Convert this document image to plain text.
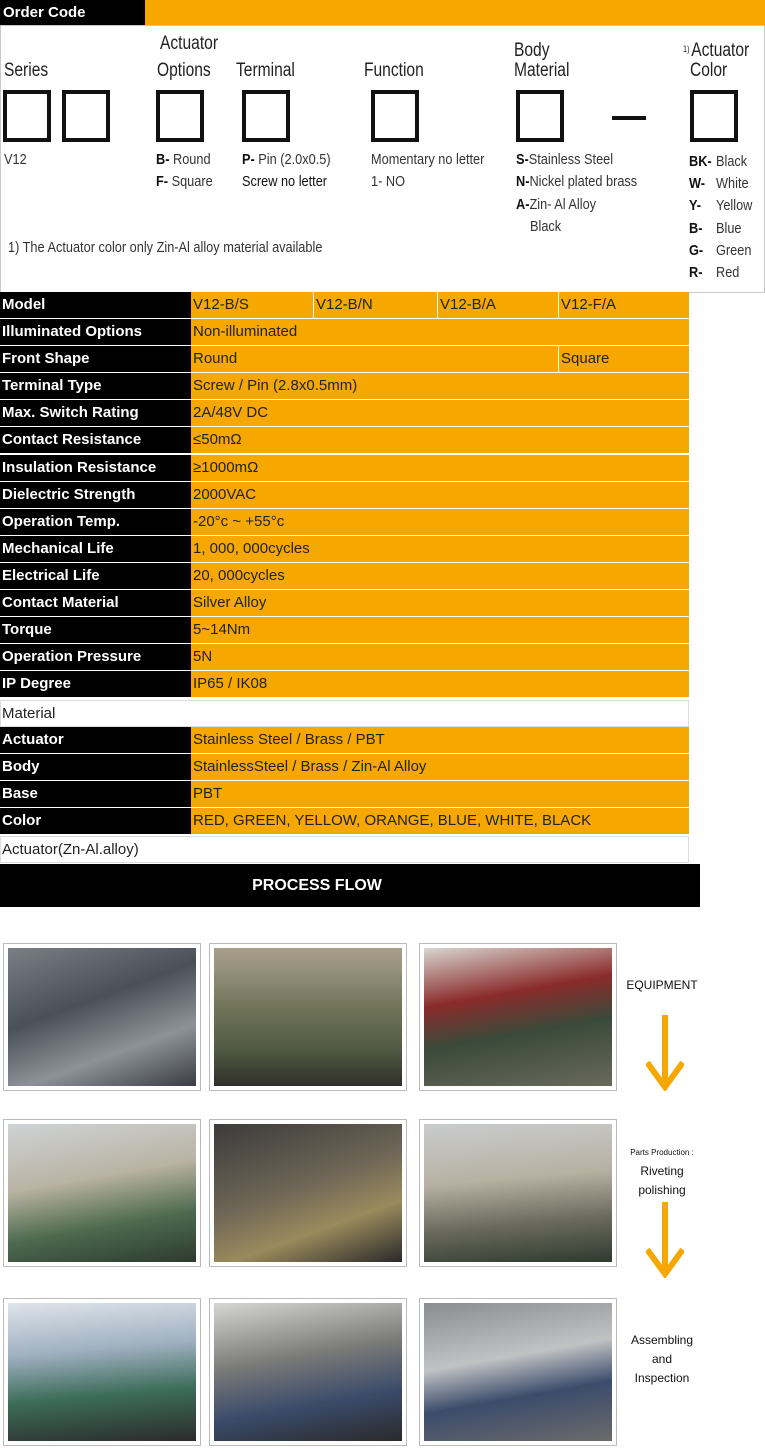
Order Code
Series
Actuator
Options Terminal	Function
Body
Material
$^{1)}$Actuator
Color
V12	B- Round
F- Square
P- Pin (2.0x0.5)
Screw no letter
Momentary no letter
1- NO
S-Stainless Steel
N-Nickel plated brass
A-Zin- Al Alloy
Black
BK- Black
W- White
Y- Yellow
B- Blue
G- Green
R- Red
1) The Actuator color only Zin-Al alloy material available
Model	V12-B/S	V12-B/N	V12-B/A	V12-F/A
Illuminated Options	Non-illuminated
Front Shape	Round	Square
Terminal Type	Screw / Pin (2.8x0.5mm)
Max. Switch Rating	2A/48V DC
Contact Resistance	≤50mΩ
Insulation Resistance	≥1000mΩ
Dielectric Strength	2000VAC
Operation Temp.	-20°c ~ +55°c
Mechanical Life	1, 000, 000cycles
Electrical Life	20, 000cycles
Contact Material	Silver Alloy
Torque	5~14Nm
Operation Pressure	5N
IP Degree	IP65 / IK08
Material
Actuator	Stainless Steel / Brass / PBT
Body	StainlessSteel / Brass / Zin-Al Alloy
Base	PBT
Color	RED, GREEN, YELLOW, ORANGE, BLUE, WHITE, BLACK
Actuator(Zn-Al.alloy)
PROCESS FLOW
EQUIPMENT
Parts Production :
Riveting
polishing
Assembling
and
Inspection
